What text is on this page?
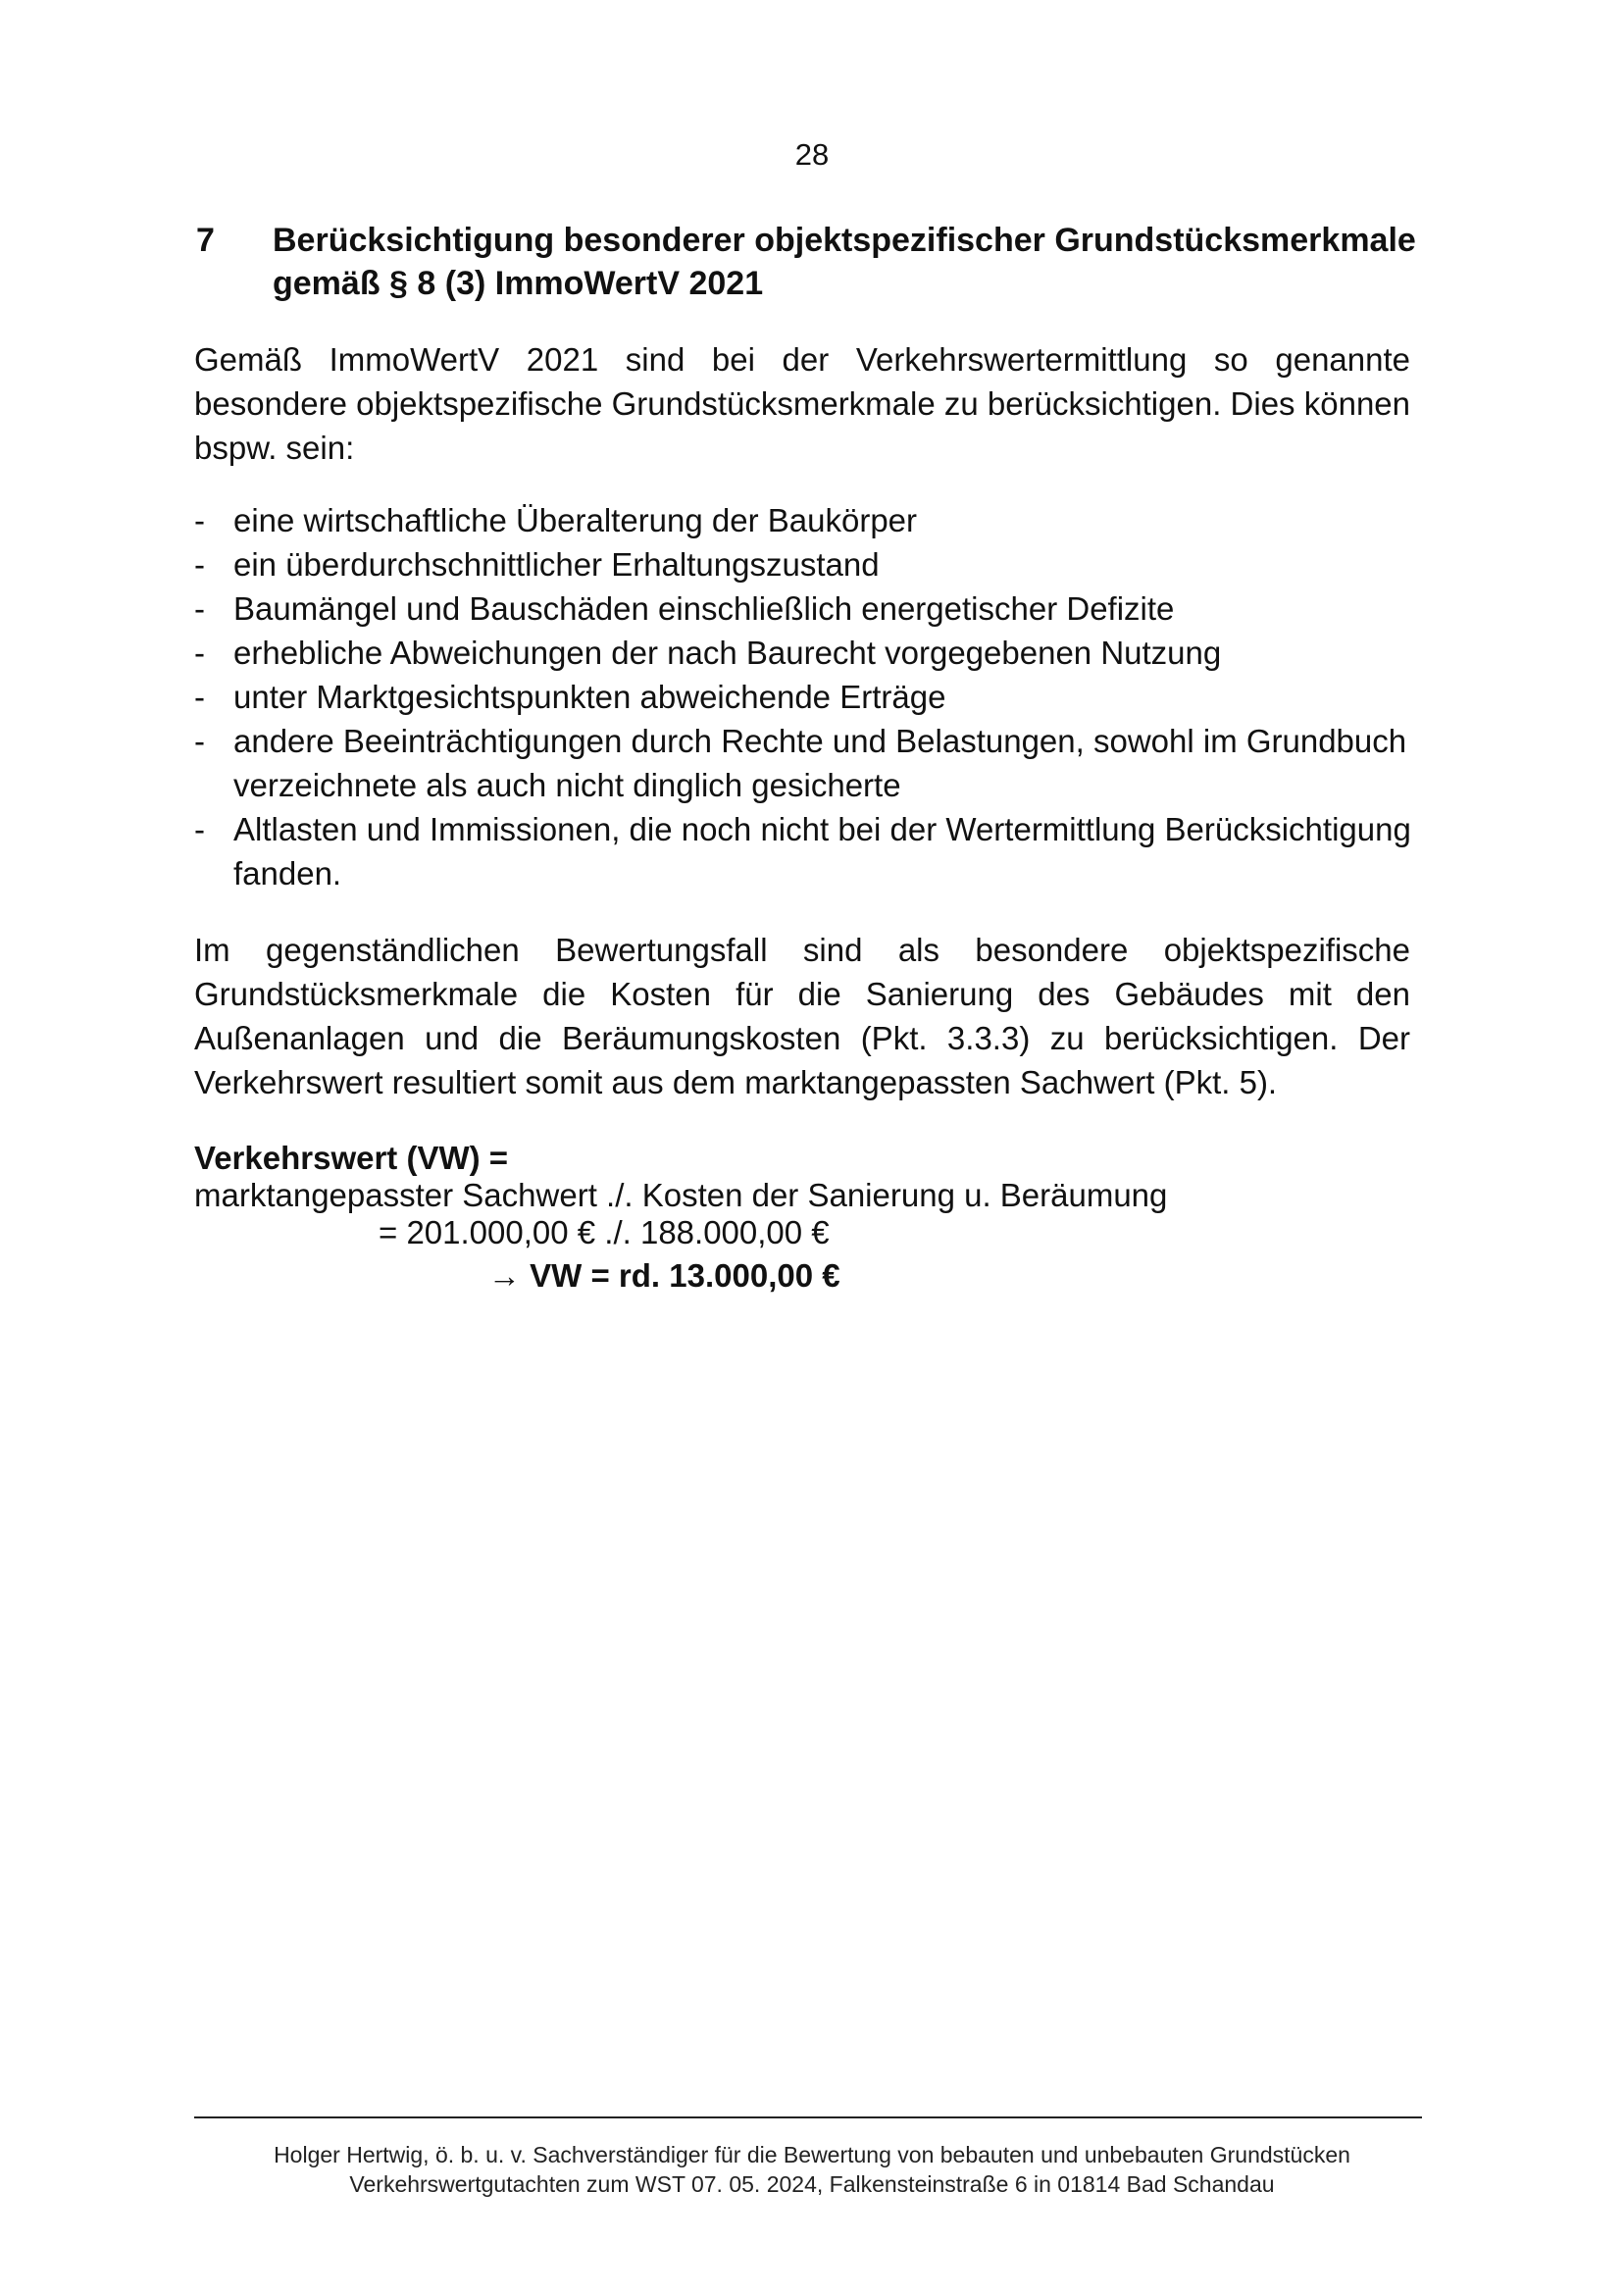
28
7 Berücksichtigung besonderer objektspezifischer Grundstücksmerkmale
gemäß § 8 (3) ImmoWertV 2021
Gemäß ImmoWertV 2021 sind bei der Verkehrswertermittlung so genannte besondere objektspezifische Grundstücksmerkmale zu berücksichtigen. Dies können bspw. sein:
- eine wirtschaftliche Überalterung der Baukörper
- ein überdurchschnittlicher Erhaltungszustand
- Baumängel und Bauschäden einschließlich energetischer Defizite
- erhebliche Abweichungen der nach Baurecht vorgegebenen Nutzung
- unter Marktgesichtspunkten abweichende Erträge
- andere Beeinträchtigungen durch Rechte und Belastungen, sowohl im Grundbuch verzeichnete als auch nicht dinglich gesicherte
- Altlasten und Immissionen, die noch nicht bei der Wertermittlung Berücksichtigung fanden.
Im gegenständlichen Bewertungsfall sind als besondere objektspezifische Grundstücksmerkmale die Kosten für die Sanierung des Gebäudes mit den Außenanlagen und die Beräumungskosten (Pkt. 3.3.3) zu berücksichtigen. Der Verkehrswert resultiert somit aus dem marktangepassten Sachwert (Pkt. 5).
Verkehrswert (VW) =
marktangepasster Sachwert ./. Kosten der Sanierung u. Beräumung
= 201.000,00 € ./. 188.000,00 €
→ VW = rd. 13.000,00 €
Holger Hertwig, ö. b. u. v. Sachverständiger für die Bewertung von bebauten und unbebauten Grundstücken
Verkehrswertgutachten zum WST 07. 05. 2024, Falkensteinstraße 6 in 01814 Bad Schandau
